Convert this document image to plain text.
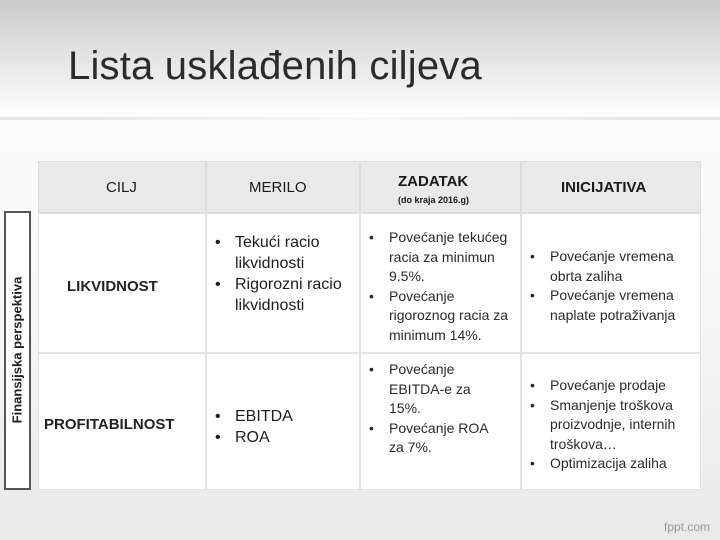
Lista usklađenih ciljeva
Finansijska perspektiva
CILJ	MERILO	ZADATAK
(do kraja 2016.g)
INICIJATIVA
LIKVIDNOST
• Tekući racio likvidnosti
• Rigorozni racio likvidnosti
• Povećanje tekućeg racia za minimun 9.5%.
• Povećanje rigoroznog racia za minimum 14%.
• Povećanje vremena obrta zaliha
• Povećanje vremena naplate potraživanja
PROFITABILNOST
•	EBITDA
• ROA
• Povećanje EBITDA-e za 15%.
• Povećanje ROA za 7%.
• Povećanje prodaje
• Smanjenje troškova proizvodnje, internih troškova…
• Optimizacija zaliha
fppt.com
